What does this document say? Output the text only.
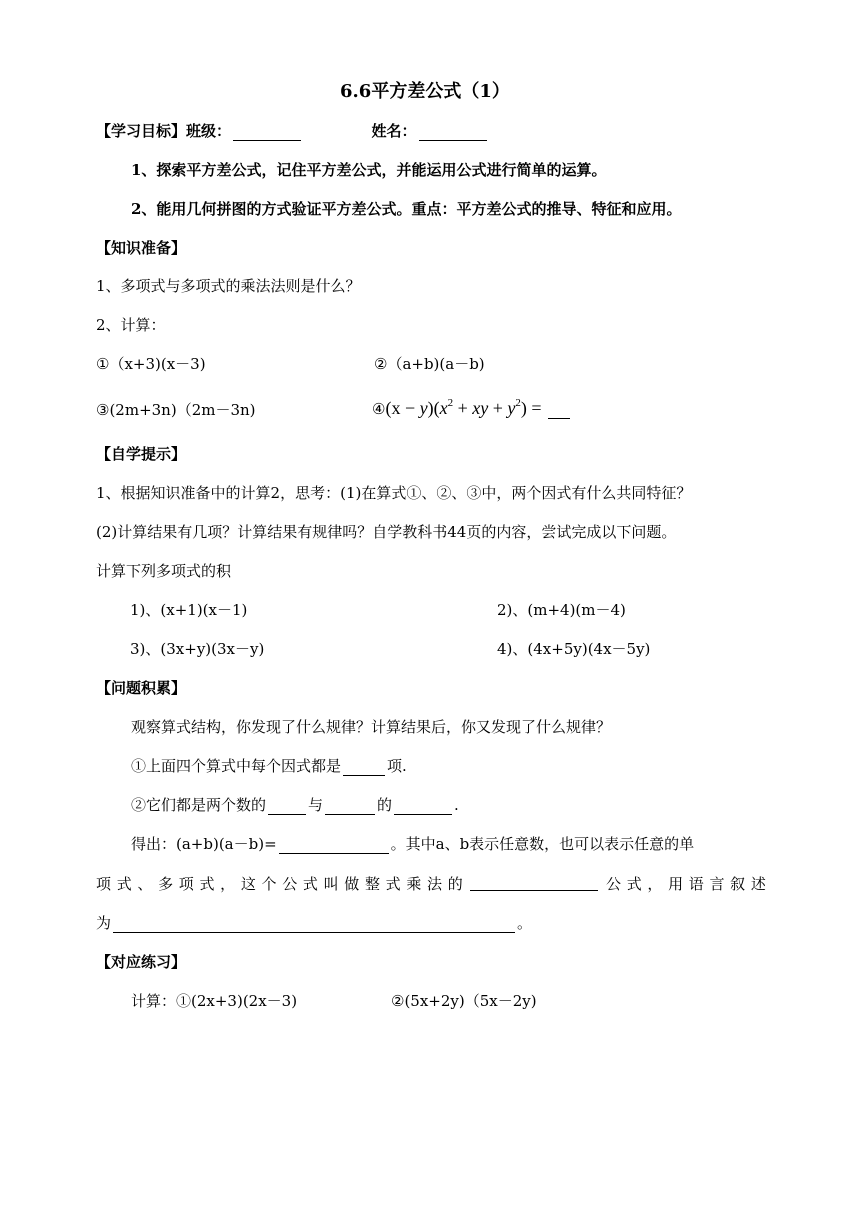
6.6平方差公式（1）
【学习目标】班级：	姓名：
1、探索平方差公式，记住平方差公式，并能运用公式进行简单的运算。
2、能用几何拼图的方式验证平方差公式。重点：平方差公式的推导、特征和应用。
【知识准备】
1、多项式与多项式的乘法法则是什么？
2、计算：
①（x+3)(x－3)	②（a+b)(a－b)
③(2m+3n)（2m－3n)	④(x − $y)(x^2$ + xy + $y^2$) =
【自学提示】
1、根据知识准备中的计算2，思考：(1)在算式①、②、③中，两个因式有什么共同特征？
(2)计算结果有几项？计算结果有规律吗？自学教科书44页的内容，尝试完成以下问题。
计算下列多项式的积
1)、(x+1)(x－1)	2)、(m+4)(m－4)
3)、(3x+y)(3x－y)	4)、(4x+5y)(4x－5y)
【问题积累】
观察算式结构，你发现了什么规律？计算结果后，你又发现了什么规律？
①上面四个算式中每个因式都是	项.
②它们都是两个数的	与	的	.
得出：(a+b)(a－b)=	。其中a、b表示任意数，也可以表示任意的单
项 式 、 多 项 式 ， 这 个 公 式 叫 做 整 式 乘 法 的	公 式 ， 用 语 言 叙 述
为	。
【对应练习】
计算：①(2x+3)(2x－3)	②(5x+2y)（5x－2y)
